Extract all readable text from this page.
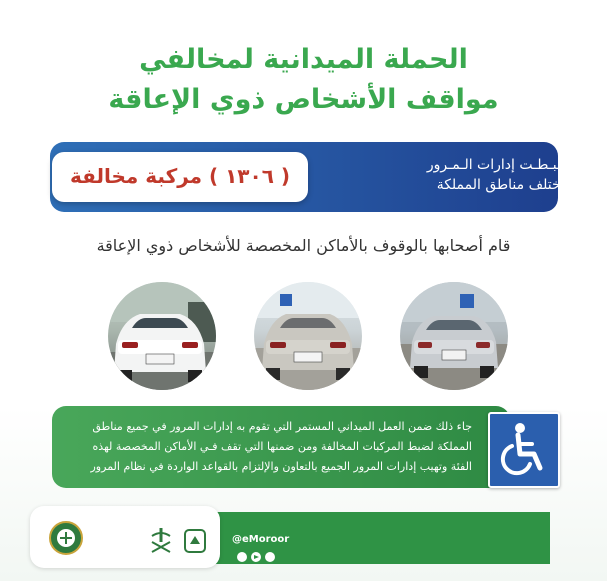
الحملة الميدانية لمخالفي
مواقف الأشخاص ذوي الإعاقة
ضـبـطـت إدارات الـمـرور
بمختلف مناطق المملكة
( ١٣٠٦ ) مركبة مخالفة
قام أصحابها بالوقوف بالأماكن المخصصة للأشخاص ذوي الإعاقة
جاء ذلك ضمن العمل الميداني المستمر التي تقوم به إدارات المرور في جميع مناطق
المملكة لضبط المركبات المخالفة ومن ضمنها التي تقف فـي الأماكن المخصصة لهذه
الفئة وتهيب إدارات المرور الجميع بالتعاون والإلتزام بالقواعد الواردة في نظام المرور
@eMoroor
